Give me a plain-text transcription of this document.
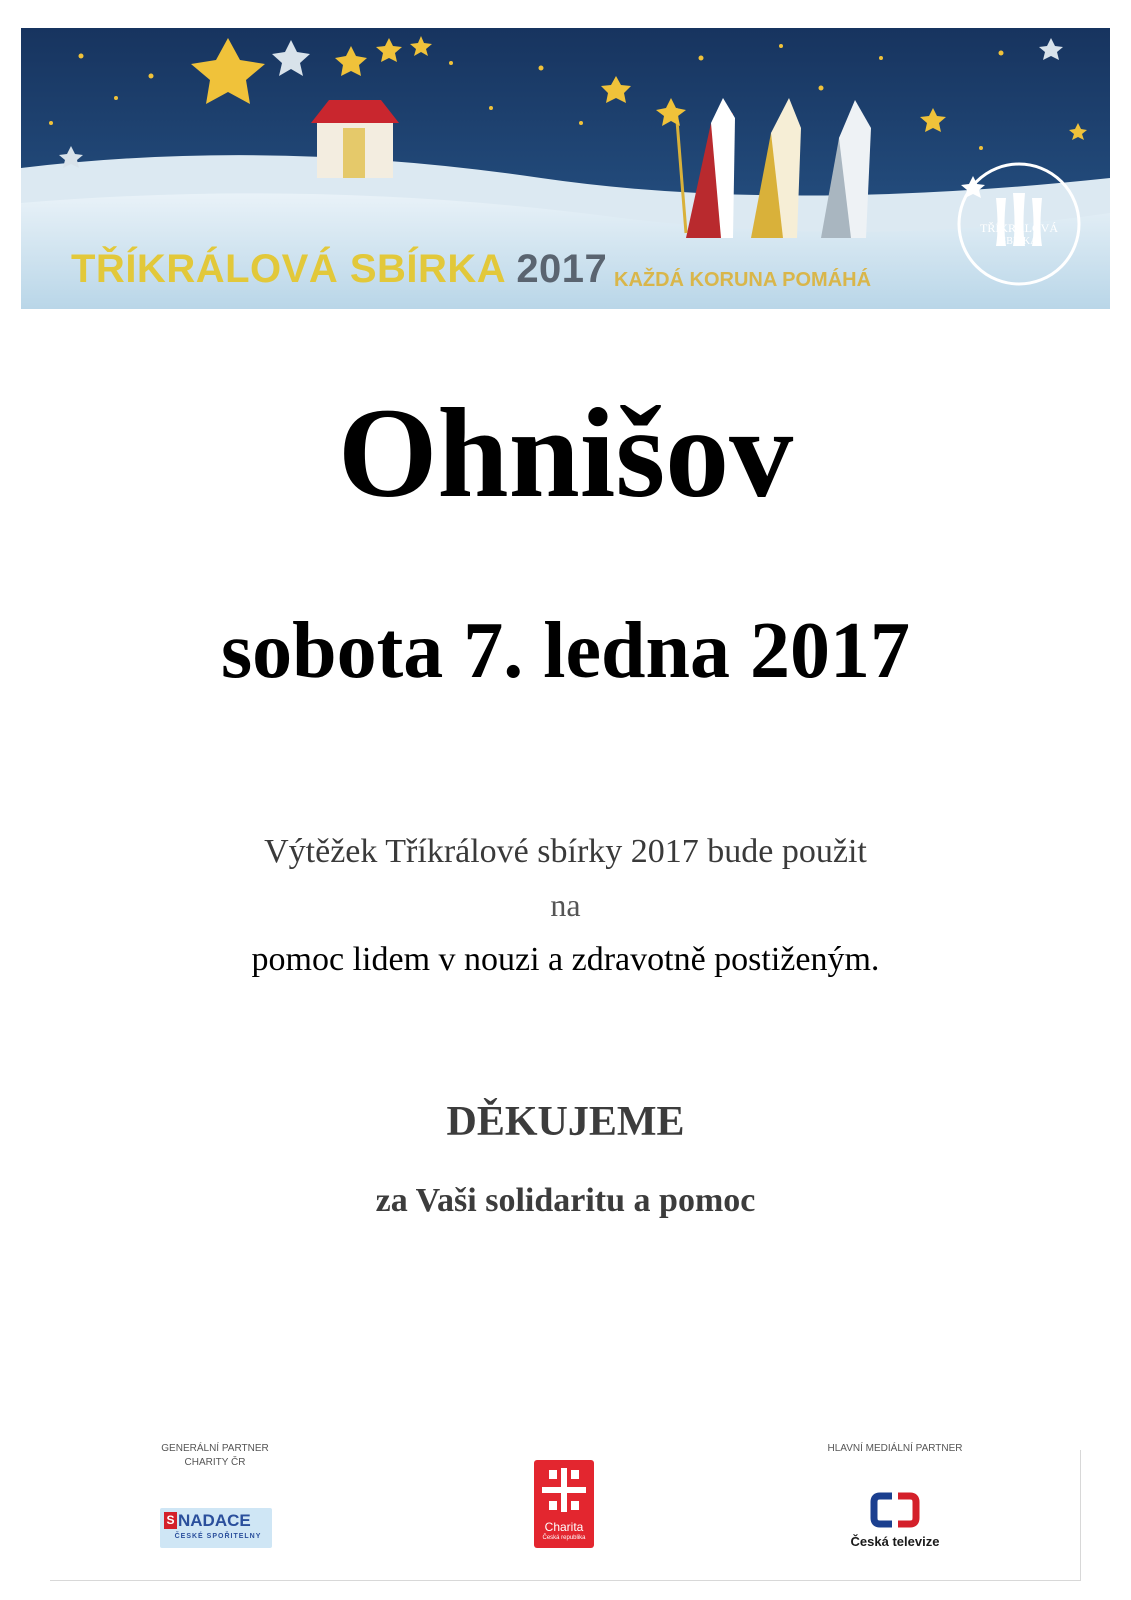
TŘÍKRÁLOVÁ SBÍRKA 2017 KAŽDÁ KORUNA POMÁHÁ
TŘÍKRÁLOVÁ
SBÍRKA
Ohnišov
sobota 7. ledna 2017
Výtěžek Tříkrálové sbírky 2017 bude použit
na
pomoc lidem v nouzi a zdravotně postiženým.
DĚKUJEME
za Vaši solidaritu a pomoc
GENERÁLNÍ PARTNER
CHARITY ČR
S NADACE
ČESKÉ SPOŘITELNY
Charita
Česká republika
HLAVNÍ MEDIÁLNÍ PARTNER
Česká televize
